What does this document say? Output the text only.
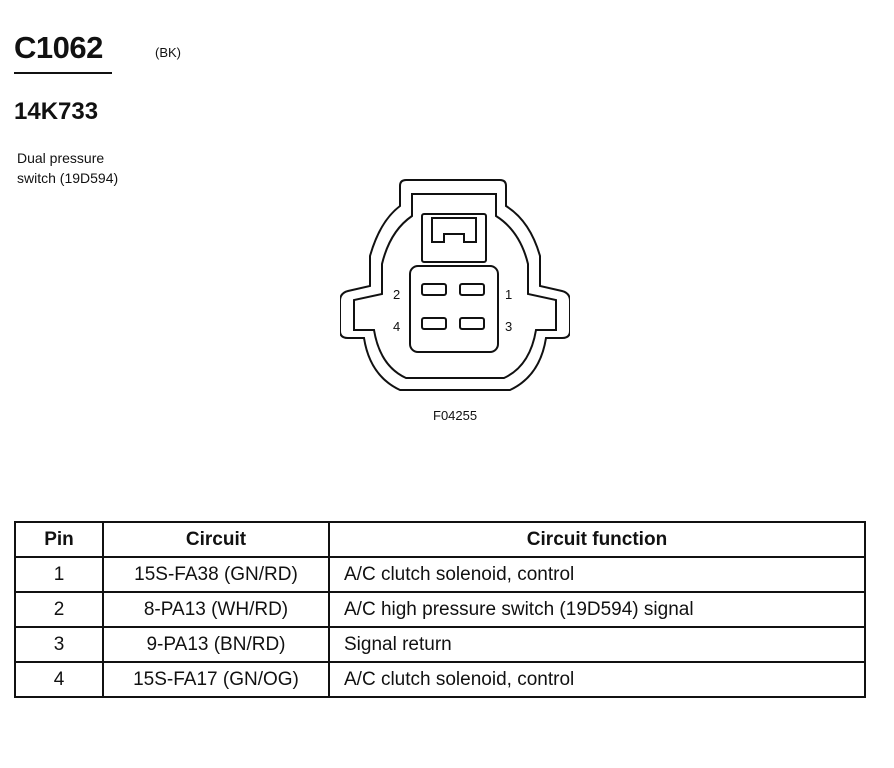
C1062	(BK)
14K733
Dual pressure
switch (19D594)
2	1
4	3
F04255
Pin	Circuit	Circuit function
1	15S-FA38 (GN/RD)	A/C clutch solenoid, control
2	8-PA13 (WH/RD)	A/C high pressure switch (19D594) signal
3	9-PA13 (BN/RD)	Signal return
4	15S-FA17 (GN/OG)	A/C clutch solenoid, control
